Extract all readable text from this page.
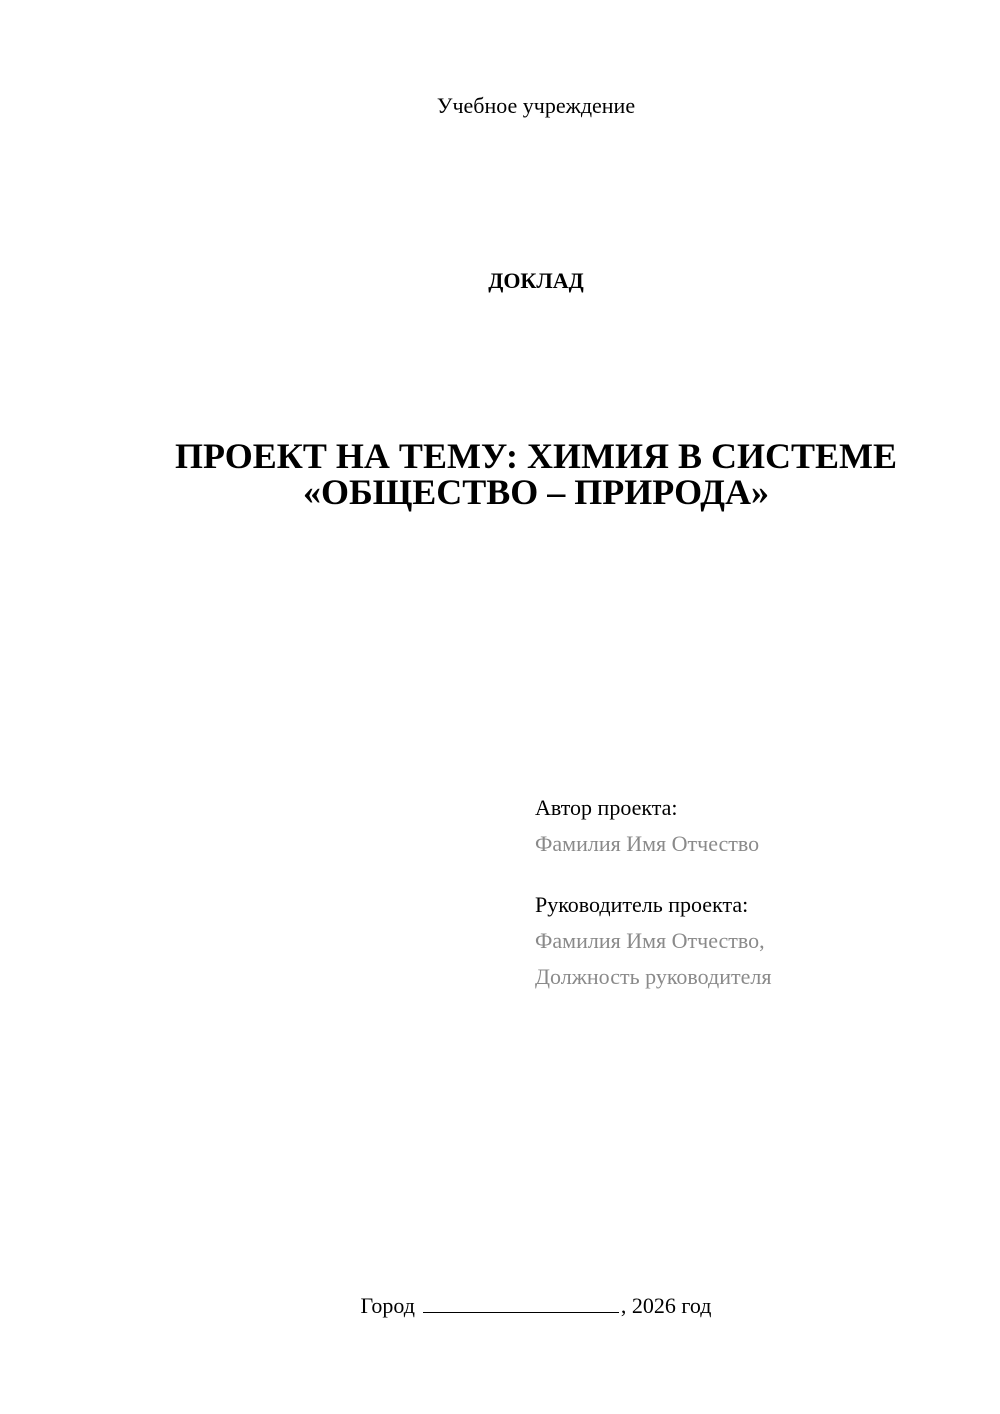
Учебное учреждение
ДОКЛАД
ПРОЕКТ НА ТЕМУ: ХИМИЯ В СИСТЕМЕ
«ОБЩЕСТВО – ПРИРОДА»
Автор проекта:
Фамилия Имя Отчество
Руководитель проекта:
Фамилия Имя Отчество,
Должность руководителя
Город	, 2026 год
